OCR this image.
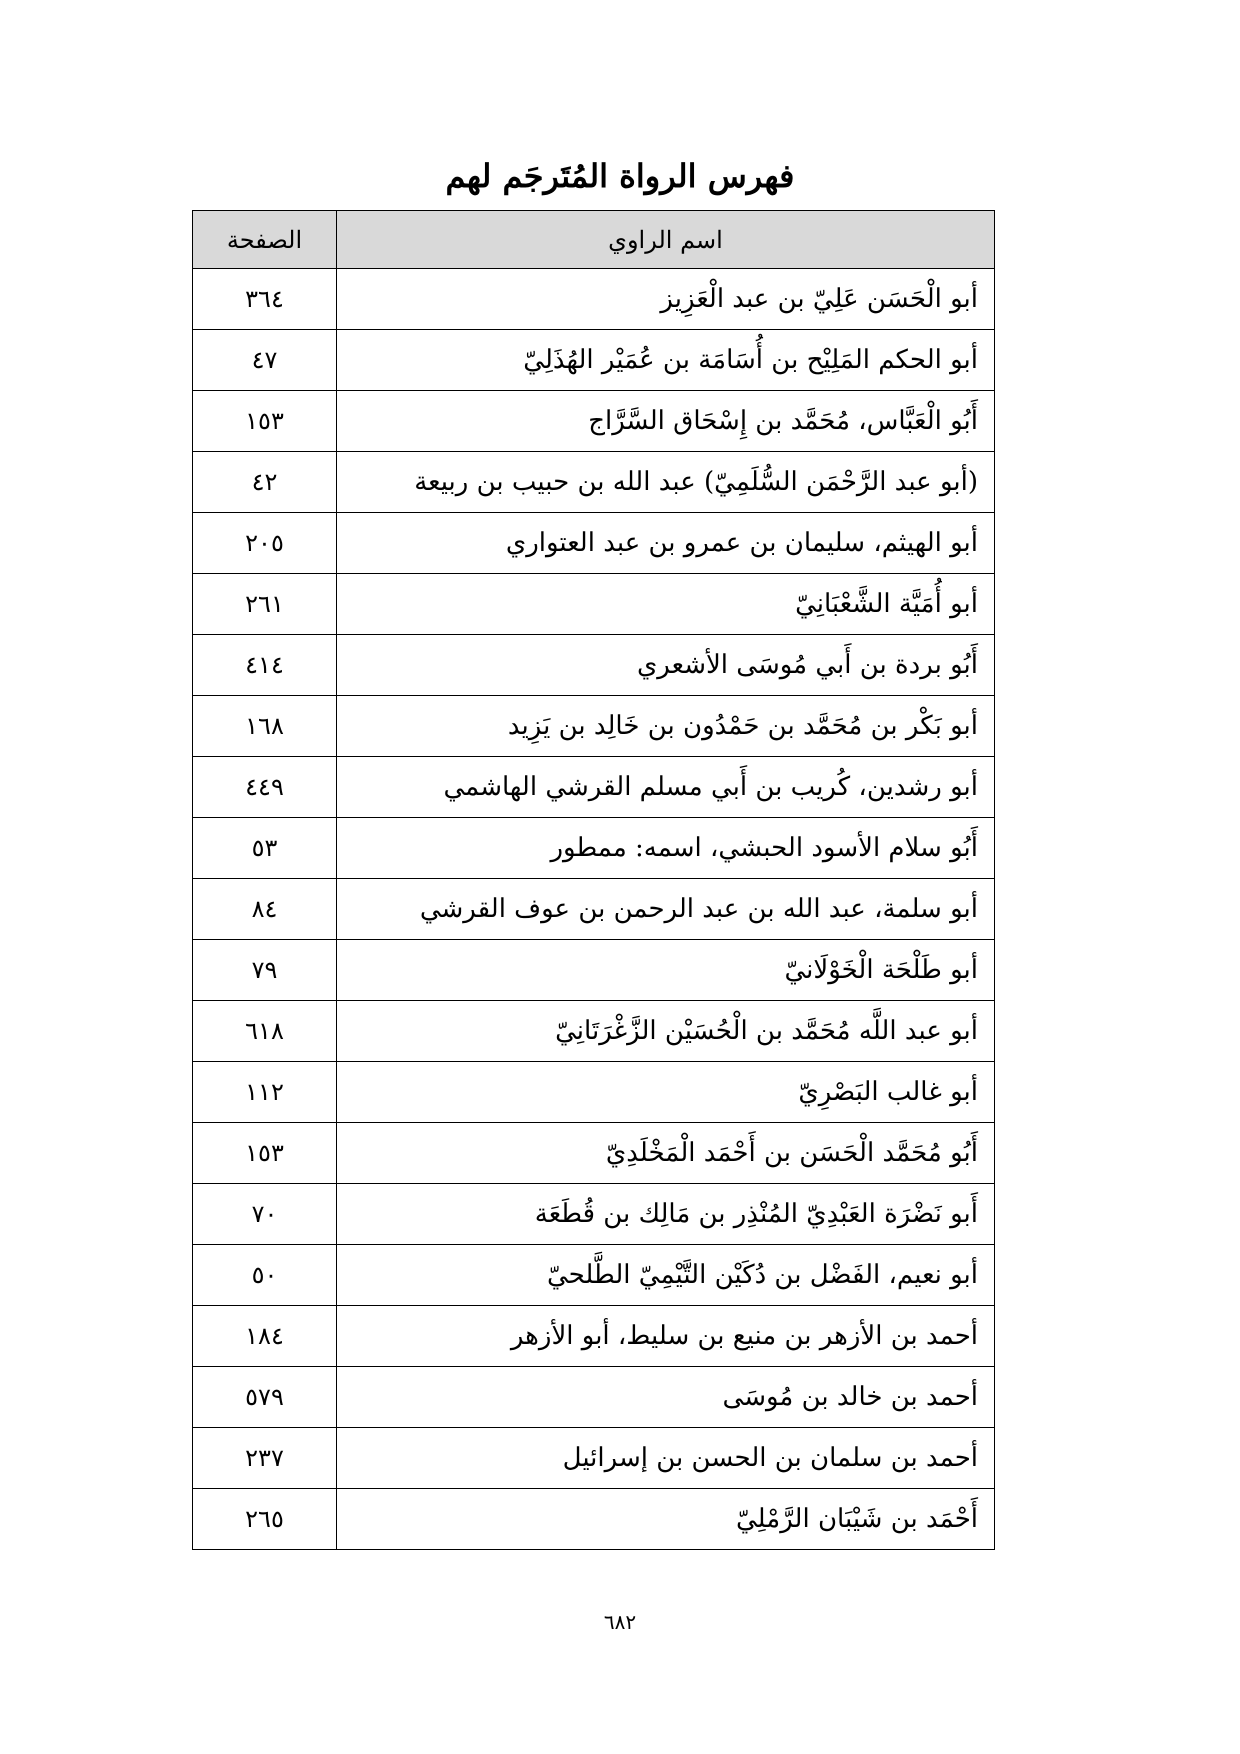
فهرس الرواة المُتَرجَم لهم
اسم الراوي	الصفحة
أبو الْحَسَن عَلِيّ بن عبد الْعَزِيز	٣٦٤
أبو الحكم المَلِيْح بن أُسَامَة بن عُمَيْر الهُذَلِيّ	٤٧
أَبُو الْعَبَّاس، مُحَمَّد بن إِسْحَاق السَّرَّاج	١٥٣
(أبو عبد الرَّحْمَن السُّلَمِيّ) عبد الله بن حبيب بن ربيعة	٤٢
أبو الهيثم، سليمان بن عمرو بن عبد العتواري	٢٠٥
أبو أُمَيَّة الشَّعْبَانِيّ	٢٦١
أَبُو بردة بن أَبي مُوسَى الأشعري	٤١٤
أبو بَكْر بن مُحَمَّد بن حَمْدُون بن خَالِد بن يَزِيد	١٦٨
أبو رشدين، كُريب بن أَبي مسلم القرشي الهاشمي	٤٤٩
أَبُو سلام الأسود الحبشي، اسمه: ممطور	٥٣
أبو سلمة، عبد الله بن عبد الرحمن بن عوف القرشي	٨٤
أبو طَلْحَة الْخَوْلَانيّ	٧٩
أبو عبد اللَّه مُحَمَّد بن الْحُسَيْن الزَّغْرَتَانِيّ	٦١٨
أبو غالب البَصْرِيّ	١١٢
أَبُو مُحَمَّد الْحَسَن بن أَحْمَد الْمَخْلَدِيّ	١٥٣
أَبو نَضْرَة العَبْدِيّ المُنْذِر بن مَالِك بن قُطَعَة	٧٠
أبو نعيم، الفَضْل بن دُكَيْن التَّيْمِيّ الطَّلحيّ	٥٠
أحمد بن الأزهر بن منيع بن سليط، أبو الأزهر	١٨٤
أحمد بن خالد بن مُوسَى	٥٧٩
أحمد بن سلمان بن الحسن بن إسرائيل	٢٣٧
أَحْمَد بن شَيْبَان الرَّمْلِيّ	٢٦٥
٦٨٢
